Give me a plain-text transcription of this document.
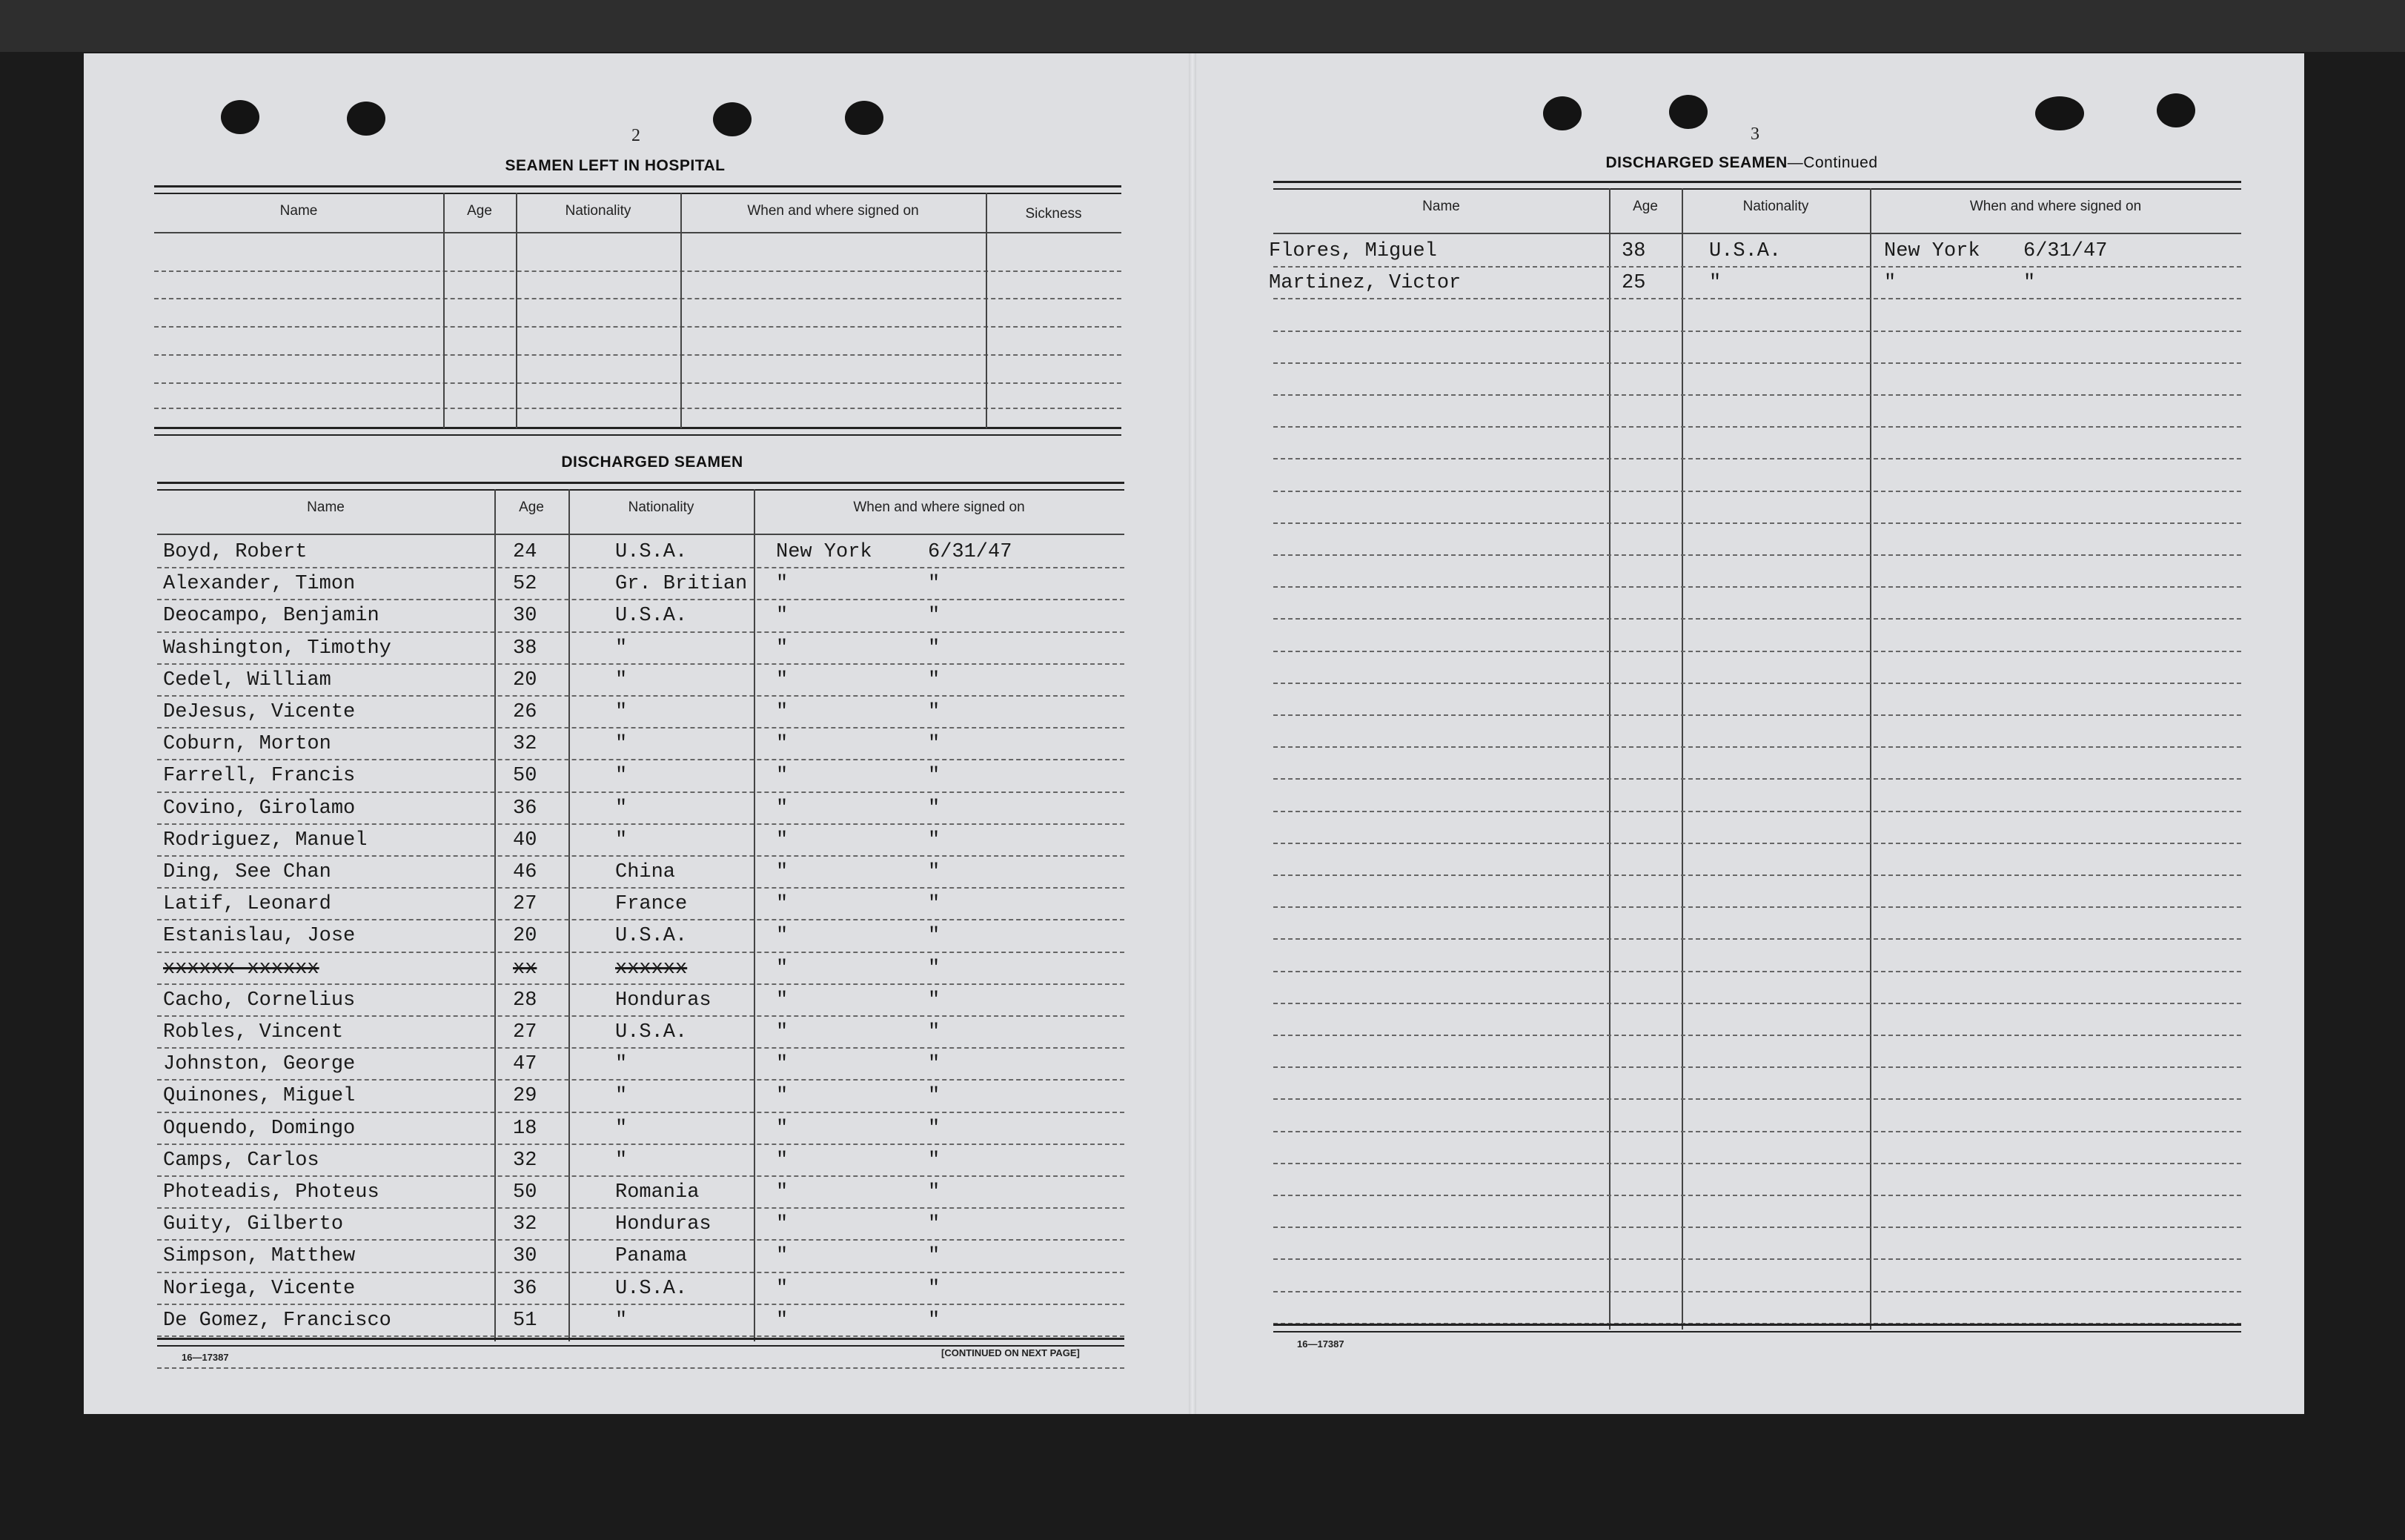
2
SEAMEN LEFT IN HOSPITAL
Name	Age	Nationality	When and where signed on	Sickness
DISCHARGED SEAMEN
Name	Age	Nationality	When and where signed on
Boyd, Robert	24	U.S.A.	New York	6/31/47
Alexander, Timon	52	Gr. Britian "	"
Deocampo, Benjamin	30	U.S.A.	"	"
Washington, Timothy	38	"	"	"
Cedel, William	20	"	"	"
DeJesus, Vicente	26	"	"	"
Coburn, Morton	32	"	"	"
Farrell, Francis	50	"	"	"
Covino, Girolamo	36	"	"	"
Rodriguez, Manuel	40	"	"	"
Ding, See Chan	46	China	"	"
Latif, Leonard	27	France	"	"
Estanislau, Jose	20	U.S.A.	"	"
xxxxxx xxxxxx	xx	xxxxxx	"	"
Cacho, Cornelius	28	Honduras	"	"
Robles, Vincent	27	U.S.A.	"	"
Johnston, George	47	"	"	"
Quinones, Miguel	29	"	"	"
Oquendo, Domingo	18	"	"	"
Camps, Carlos	32	"	"	"
Photeadis, Photeus	50	Romania	"	"
Guity, Gilberto	32	Honduras	"	"
Simpson, Matthew	30	Panama	"	"
Noriega, Vicente	36	U.S.A.	"	"
De Gomez, Francisco	51	"	"	"
16—17387	[CONTINUED ON NEXT PAGE]
3
DISCHARGED SEAMEN—Continued
Name	Age	Nationality	When and where signed on
Flores, Miguel	38	U.S.A.	New York 6/31/47
Martinez, Victor	25	"	"	"
16—17387
